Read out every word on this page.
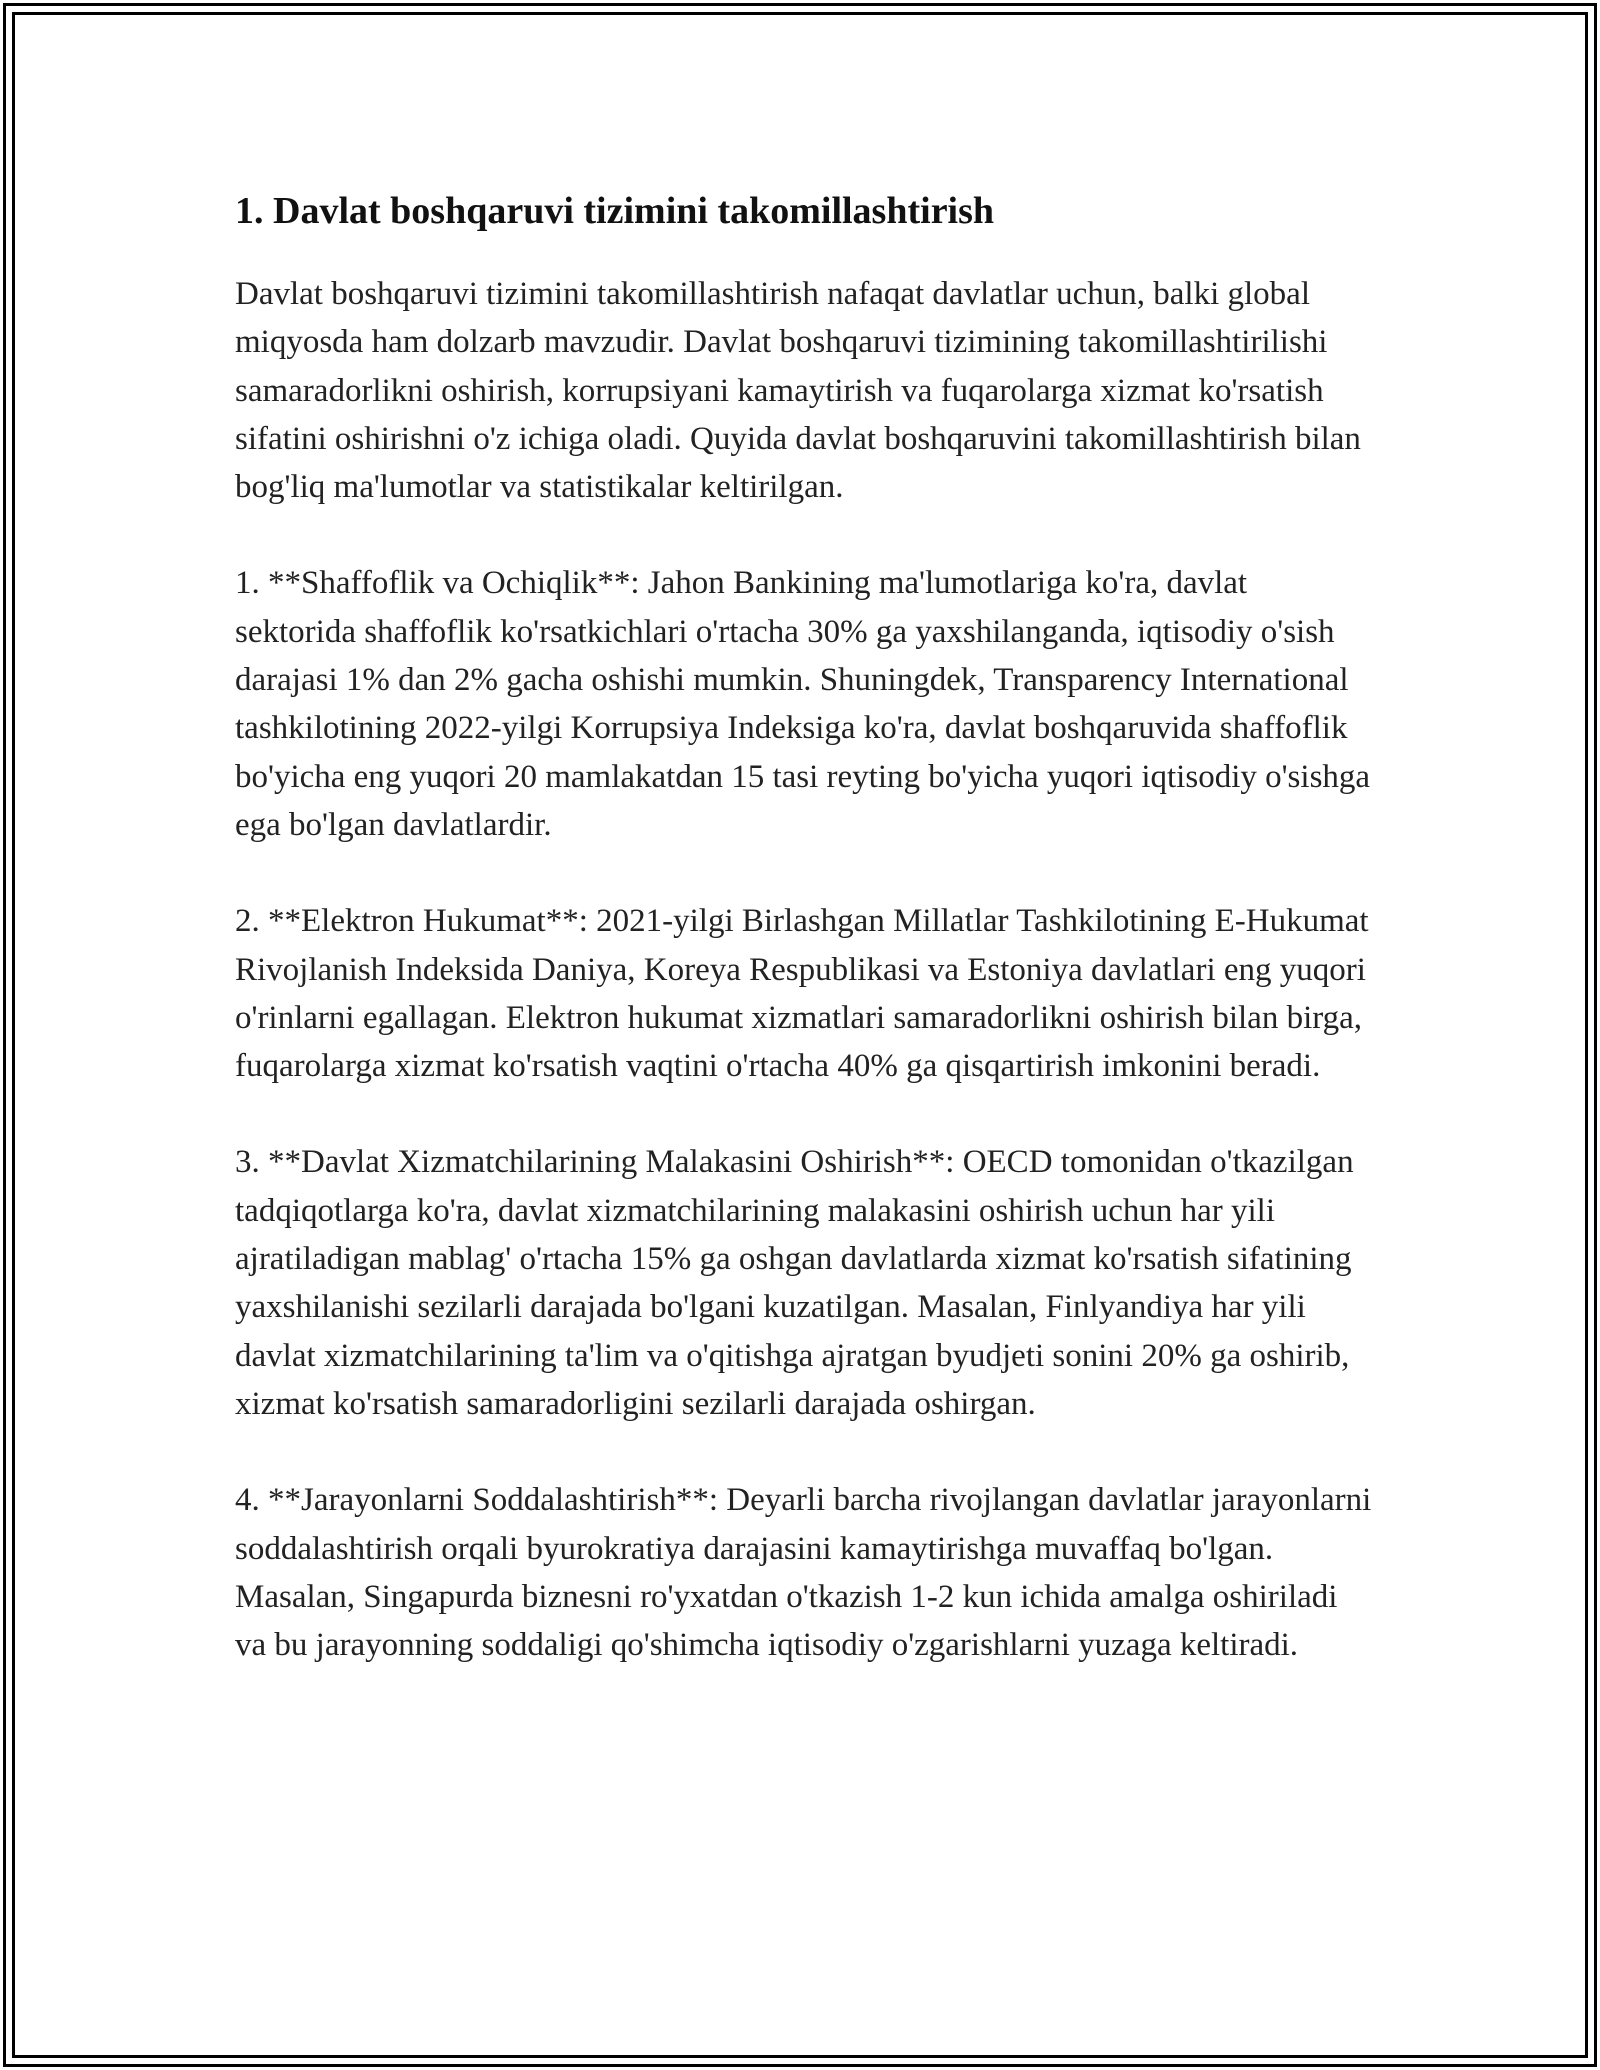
1. Davlat boshqaruvi tizimini takomillashtirish

Davlat boshqaruvi tizimini takomillashtirish nafaqat davlatlar uchun, balki global miqyosda ham dolzarb mavzudir. Davlat boshqaruvi tizimining takomillashtirilishi samaradorlikni oshirish, korrupsiyani kamaytirish va fuqarolarga xizmat ko'rsatish sifatini oshirishni o'z ichiga oladi. Quyida davlat boshqaruvini takomillashtirish bilan bog'liq ma'lumotlar va statistikalar keltirilgan.

1. **Shaffoflik va Ochiqlik**: Jahon Bankining ma'lumotlariga ko'ra, davlat sektorida shaffoflik ko'rsatkichlari o'rtacha 30% ga yaxshilanganda, iqtisodiy o'sish darajasi 1% dan 2% gacha oshishi mumkin. Shuningdek, Transparency International tashkilotining 2022-yilgi Korrupsiya Indeksiga ko'ra, davlat boshqaruvida shaffoflik bo'yicha eng yuqori 20 mamlakatdan 15 tasi reyting bo'yicha yuqori iqtisodiy o'sishga ega bo'lgan davlatlardir.

2. **Elektron Hukumat**: 2021-yilgi Birlashgan Millatlar Tashkilotining E-Hukumat Rivojlanish Indeksida Daniya, Koreya Respublikasi va Estoniya davlatlari eng yuqori o'rinlarni egallagan. Elektron hukumat xizmatlari samaradorlikni oshirish bilan birga, fuqarolarga xizmat ko'rsatish vaqtini o'rtacha 40% ga qisqartirish imkonini beradi.

3. **Davlat Xizmatchilarining Malakasini Oshirish**: OECD tomonidan o'tkazilgan tadqiqotlarga ko'ra, davlat xizmatchilarining malakasini oshirish uchun har yili ajratiladigan mablag' o'rtacha 15% ga oshgan davlatlarda xizmat ko'rsatish sifatining yaxshilanishi sezilarli darajada bo'lgani kuzatilgan. Masalan, Finlyandiya har yili davlat xizmatchilarining ta'lim va o'qitishga ajratgan byudjeti sonini 20% ga oshirib, xizmat ko'rsatish samaradorligini sezilarli darajada oshirgan.

4. **Jarayonlarni Soddalashtirish**: Deyarli barcha rivojlangan davlatlar jarayonlarni soddalashtirish orqali byurokratiya darajasini kamaytirishga muvaffaq bo'lgan. Masalan, Singapurda biznesni ro'yxatdan o'tkazish 1-2 kun ichida amalga oshiriladi va bu jarayonning soddaligi qo'shimcha iqtisodiy o'zgarishlarni yuzaga keltiradi.
